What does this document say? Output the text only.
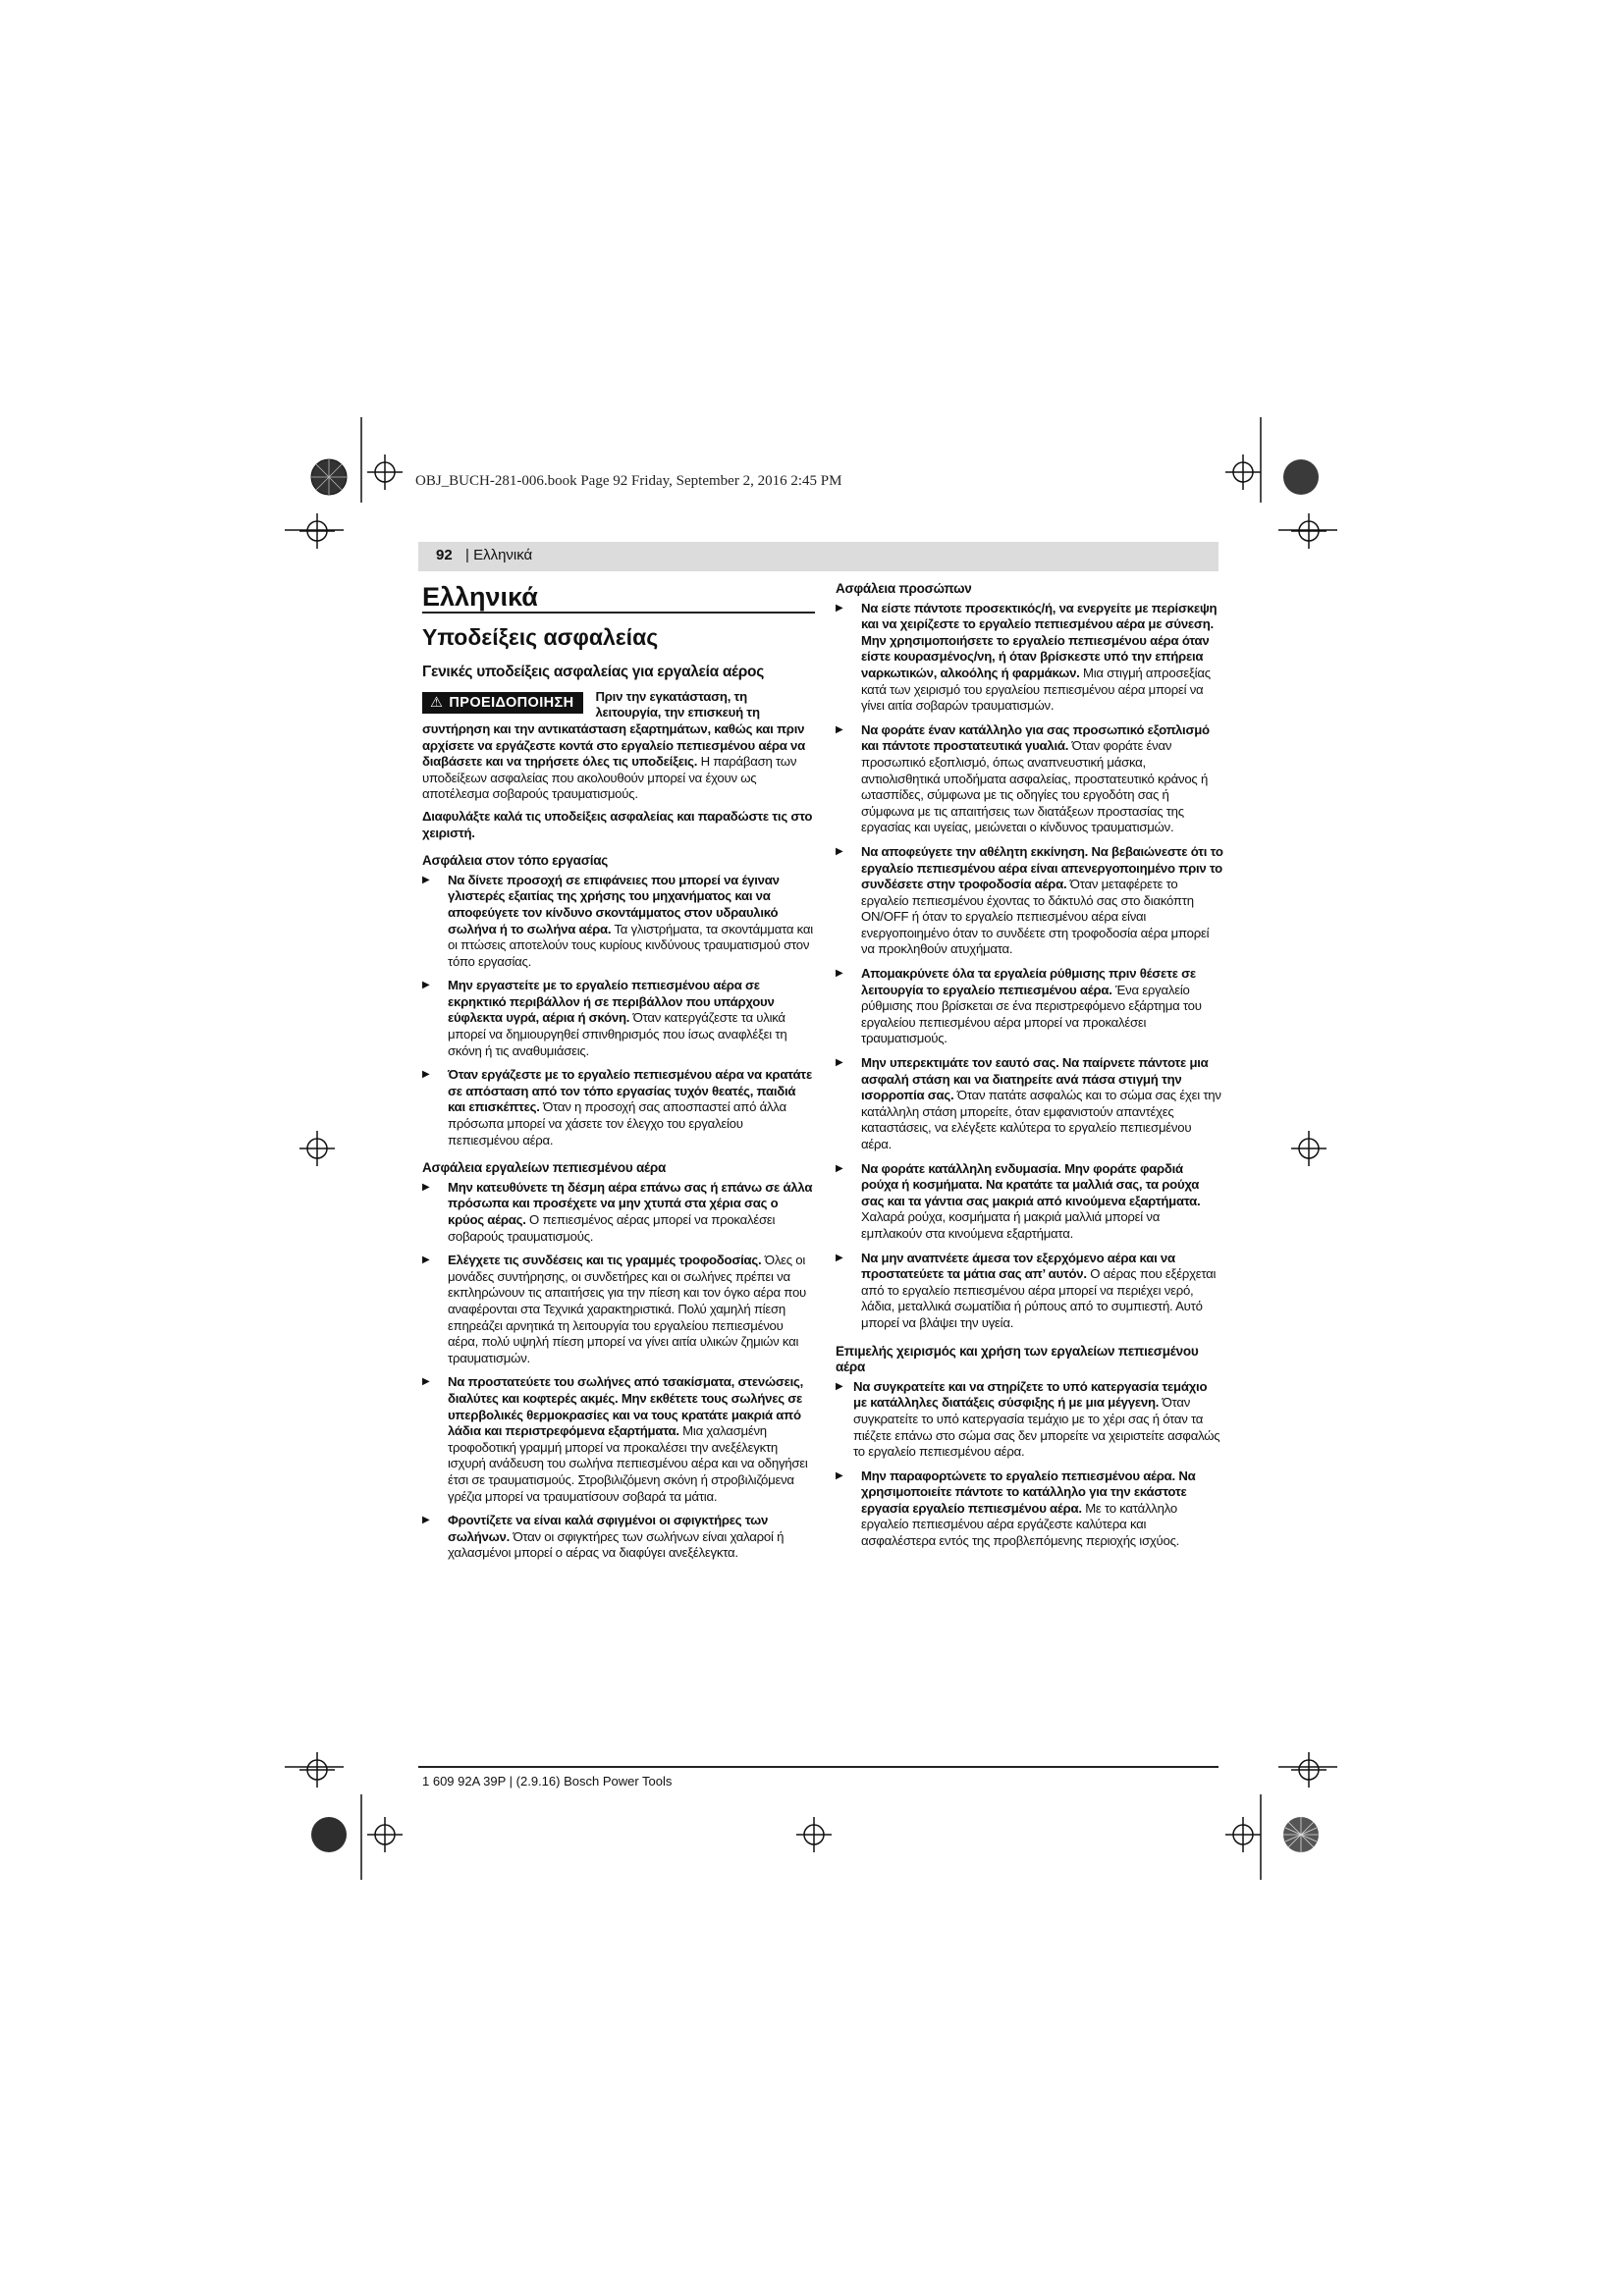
OBJ_BUCH-281-006.book Page 92 Friday, September 2, 2016 2:45 PM
92 | Ελληνικά
Ελληνικά
Υποδείξεις ασφαλείας
Γενικές υποδείξεις ασφαλείας για εργαλεία αέρος
⚠ ΠΡΟΕΙΔΟΠΟΙΗΣΗ	Πριν την εγκατάσταση, τη λειτουργία, την επισκευή τη συντήρηση και την αντικατάσταση εξαρτημάτων, καθώς και πριν αρχίσετε να εργάζεστε κοντά στο εργαλείο πεπιεσμένου αέρα να διαβάσετε και να τηρήσετε όλες τις υποδείξεις. Η παράβαση των υποδείξεων ασφαλείας που ακολουθούν μπορεί να έχουν ως αποτέλεσμα σοβαρούς τραυματισμούς.

Διαφυλάξτε καλά τις υποδείξεις ασφαλείας και παραδώστε τις στο χειριστή.

Ασφάλεια στον τόπο εργασίας
▶ Να δίνετε προσοχή σε επιφάνειες που μπορεί να έγιναν γλιστερές εξαιτίας της χρήσης του μηχανήματος και να αποφεύγετε τον κίνδυνο σκοντάμματος στον υδραυλικό σωλήνα ή το σωλήνα αέρα. Τα γλιστρήματα, τα σκοντάμματα και οι πτώσεις αποτελούν τους κυρίους κινδύνους τραυματισμού στον τόπο εργασίας.
▶ Μην εργαστείτε με το εργαλείο πεπιεσμένου αέρα σε εκρηκτικό περιβάλλον ή σε περιβάλλον που υπάρχουν εύφλεκτα υγρά, αέρια ή σκόνη. Όταν κατεργάζεστε τα υλικά μπορεί να δημιουργηθεί σπινθηρισμός που ίσως αναφλέξει τη σκόνη ή τις αναθυμιάσεις.
▶ Όταν εργάζεστε με το εργαλείο πεπιεσμένου αέρα να κρατάτε σε απόσταση από τον τόπο εργασίας τυχόν θεατές, παιδιά και επισκέπτες. Όταν η προσοχή σας αποσπαστεί από άλλα πρόσωπα μπορεί να χάσετε τον έλεγχο του εργαλείου πεπιεσμένου αέρα.
Ασφάλεια εργαλείων πεπιεσμένου αέρα
▶ Μην κατευθύνετε τη δέσμη αέρα επάνω σας ή επάνω σε άλλα πρόσωπα και προσέχετε να μην χτυπά στα χέρια σας ο κρύος αέρας. Ο πεπιεσμένος αέρας μπορεί να προκαλέσει σοβαρούς τραυματισμούς.
▶ Ελέγχετε τις συνδέσεις και τις γραμμές τροφοδοσίας. Όλες οι μονάδες συντήρησης, οι συνδετήρες και οι σωλήνες πρέπει να εκπληρώνουν τις απαιτήσεις για την πίεση και τον όγκο αέρα που αναφέρονται στα Τεχνικά χαρακτηριστικά. Πολύ χαμηλή πίεση επηρεάζει αρνητικά τη λειτουργία του εργαλείου πεπιεσμένου αέρα, πολύ υψηλή πίεση μπορεί να γίνει αιτία υλικών ζημιών και τραυματισμών.
▶ Να προστατεύετε του σωλήνες από τσακίσματα, στενώσεις, διαλύτες και κοφτερές ακμές. Μην εκθέτετε τους σωλήνες σε υπερβολικές θερμοκρασίες και να τους κρατάτε μακριά από λάδια και περιστρεφόμενα εξαρτήματα. Μια χαλασμένη τροφοδοτική γραμμή μπορεί να προκαλέσει την ανεξέλεγκτη ισχυρή ανάδευση του σωλήνα πεπιεσμένου αέρα και να οδηγήσει έτσι σε τραυματισμούς. Στροβιλιζόμενη σκόνη ή στροβιλιζόμενα γρέζια μπορεί να τραυματίσουν σοβαρά τα μάτια.
▶ Φροντίζετε να είναι καλά σφιγμένοι οι σφιγκτήρες των σωλήνων. Όταν οι σφιγκτήρες των σωλήνων είναι χαλαροί ή χαλασμένοι μπορεί ο αέρας να διαφύγει ανεξέλεγκτα.
Ασφάλεια προσώπων
▶ Να είστε πάντοτε προσεκτικός/ή, να ενεργείτε με περίσκεψη και να χειρίζεστε το εργαλείο πεπιεσμένου αέρα με σύνεση. Μην χρησιμοποιήσετε το εργαλείο πεπιεσμένου αέρα όταν είστε κουρασμένος/νη, ή όταν βρίσκεστε υπό την επήρεια ναρκωτικών, αλκοόλης ή φαρμάκων. Μια στιγμή απροσεξίας κατά των χειρισμό του εργαλείου πεπιεσμένου αέρα μπορεί να γίνει αιτία σοβαρών τραυματισμών.
▶ Να φοράτε έναν κατάλληλο για σας προσωπικό εξοπλισμό και πάντοτε προστατευτικά γυαλιά. Όταν φοράτε έναν προσωπικό εξοπλισμό, όπως αναπνευστική μάσκα, αντιολισθητικά υποδήματα ασφαλείας, προστατευτικό κράνος ή ωτασπίδες, σύμφωνα με τις οδηγίες του εργοδότη σας ή σύμφωνα με τις απαιτήσεις των διατάξεων προστασίας της εργασίας και υγείας, μειώνεται ο κίνδυνος τραυματισμών.
▶ Να αποφεύγετε την αθέλητη εκκίνηση. Να βεβαιώνεστε ότι το εργαλείο πεπιεσμένου αέρα είναι απενεργοποιημένο πριν το συνδέσετε στην τροφοδοσία αέρα. Όταν μεταφέρετε το εργαλείο πεπιεσμένου έχοντας το δάκτυλό σας στο διακόπτη ON/OFF ή όταν το εργαλείο πεπιεσμένου αέρα είναι ενεργοποιημένο όταν το συνδέετε στη τροφοδοσία αέρα μπορεί να προκληθούν ατυχήματα.
▶ Απομακρύνετε όλα τα εργαλεία ρύθμισης πριν θέσετε σε λειτουργία το εργαλείο πεπιεσμένου αέρα. Ένα εργαλείο ρύθμισης που βρίσκεται σε ένα περιστρεφόμενο εξάρτημα του εργαλείου πεπιεσμένου αέρα μπορεί να προκαλέσει τραυματισμούς.
▶ Μην υπερεκτιμάτε τον εαυτό σας. Να παίρνετε πάντοτε μια ασφαλή στάση και να διατηρείτε ανά πάσα στιγμή την ισορροπία σας. Όταν πατάτε ασφαλώς και το σώμα σας έχει την κατάλληλη στάση μπορείτε, όταν εμφανιστούν απαντέχες καταστάσεις, να ελέγξετε καλύτερα το εργαλείο πεπιεσμένου αέρα.
▶ Να φοράτε κατάλληλη ενδυμασία. Μην φοράτε φαρδιά ρούχα ή κοσμήματα. Να κρατάτε τα μαλλιά σας, τα ρούχα σας και τα γάντια σας μακριά από κινούμενα εξαρτήματα. Χαλαρά ρούχα, κοσμήματα ή μακριά μαλλιά μπορεί να εμπλακούν στα κινούμενα εξαρτήματα.
▶ Να μην αναπνέετε άμεσα τον εξερχόμενο αέρα και να προστατεύετε τα μάτια σας απ’ αυτόν. Ο αέρας που εξέρχεται από το εργαλείο πεπιεσμένου αέρα μπορεί να περιέχει νερό, λάδια, μεταλλικά σωματίδια ή ρύπους από το συμπιεστή. Αυτό μπορεί να βλάψει την υγεία.
Επιμελής χειρισμός και χρήση των εργαλείων πεπιεσμένου αέρα
▶ Να συγκρατείτε και να στηρίζετε το υπό κατεργασία τεμάχιο με κατάλληλες διατάξεις σύσφιξης ή με μια μέγγενη. Όταν συγκρατείτε το υπό κατεργασία τεμάχιο με το χέρι σας ή όταν τα πιέζετε επάνω στο σώμα σας δεν μπορείτε να χειριστείτε ασφαλώς το εργαλείο πεπιεσμένου αέρα.
▶ Μην παραφορτώνετε το εργαλείο πεπιεσμένου αέρα. Να χρησιμοποιείτε πάντοτε το κατάλληλο για την εκάστοτε εργασία εργαλείο πεπιεσμένου αέρα. Με το κατάλληλο εργαλείο πεπιεσμένου αέρα εργάζεστε καλύτερα και ασφαλέστερα εντός της προβλεπόμενης περιοχής ισχύος.
1 609 92A 39P | (2.9.16) Bosch Power Tools
